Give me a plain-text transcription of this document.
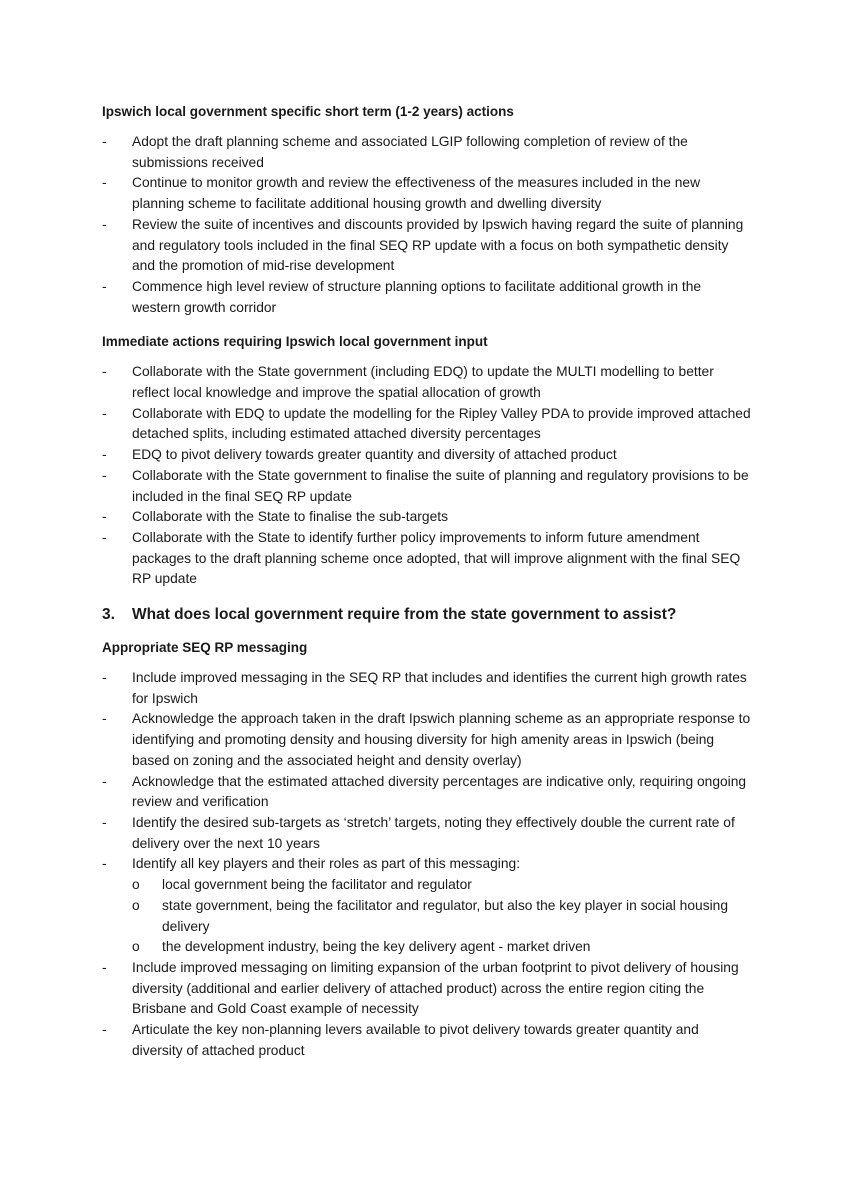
Ipswich local government specific short term (1-2 years) actions

- Adopt the draft planning scheme and associated LGIP following completion of review of the submissions received
- Continue to monitor growth and review the effectiveness of the measures included in the new planning scheme to facilitate additional housing growth and dwelling diversity
- Review the suite of incentives and discounts provided by Ipswich having regard the suite of planning and regulatory tools included in the final SEQ RP update with a focus on both sympathetic density and the promotion of mid-rise development
- Commence high level review of structure planning options to facilitate additional growth in the western growth corridor

Immediate actions requiring Ipswich local government input

- Collaborate with the State government (including EDQ) to update the MULTI modelling to better reflect local knowledge and improve the spatial allocation of growth
- Collaborate with EDQ to update the modelling for the Ripley Valley PDA to provide improved attached detached splits, including estimated attached diversity percentages
- EDQ to pivot delivery towards greater quantity and diversity of attached product
- Collaborate with the State government to finalise the suite of planning and regulatory provisions to be included in the final SEQ RP update
- Collaborate with the State to finalise the sub-targets
- Collaborate with the State to identify further policy improvements to inform future amendment packages to the draft planning scheme once adopted, that will improve alignment with the final SEQ RP update
3.	What does local government require from the state government to assist?

Appropriate SEQ RP messaging

- Include improved messaging in the SEQ RP that includes and identifies the current high growth rates for Ipswich
- Acknowledge the approach taken in the draft Ipswich planning scheme as an appropriate response to identifying and promoting density and housing diversity for high amenity areas in Ipswich (being based on zoning and the associated height and density overlay)
- Acknowledge that the estimated attached diversity percentages are indicative only, requiring ongoing review and verification
- Identify the desired sub-targets as ‘stretch’ targets, noting they effectively double the current rate of delivery over the next 10 years
- Identify all key players and their roles as part of this messaging:
o local government being the facilitator and regulator
o state government, being the facilitator and regulator, but also the key player in social housing delivery
o the development industry, being the key delivery agent - market driven
- Include improved messaging on limiting expansion of the urban footprint to pivot delivery of housing diversity (additional and earlier delivery of attached product) across the entire region citing the Brisbane and Gold Coast example of necessity
- Articulate the key non-planning levers available to pivot delivery towards greater quantity and diversity of attached product
